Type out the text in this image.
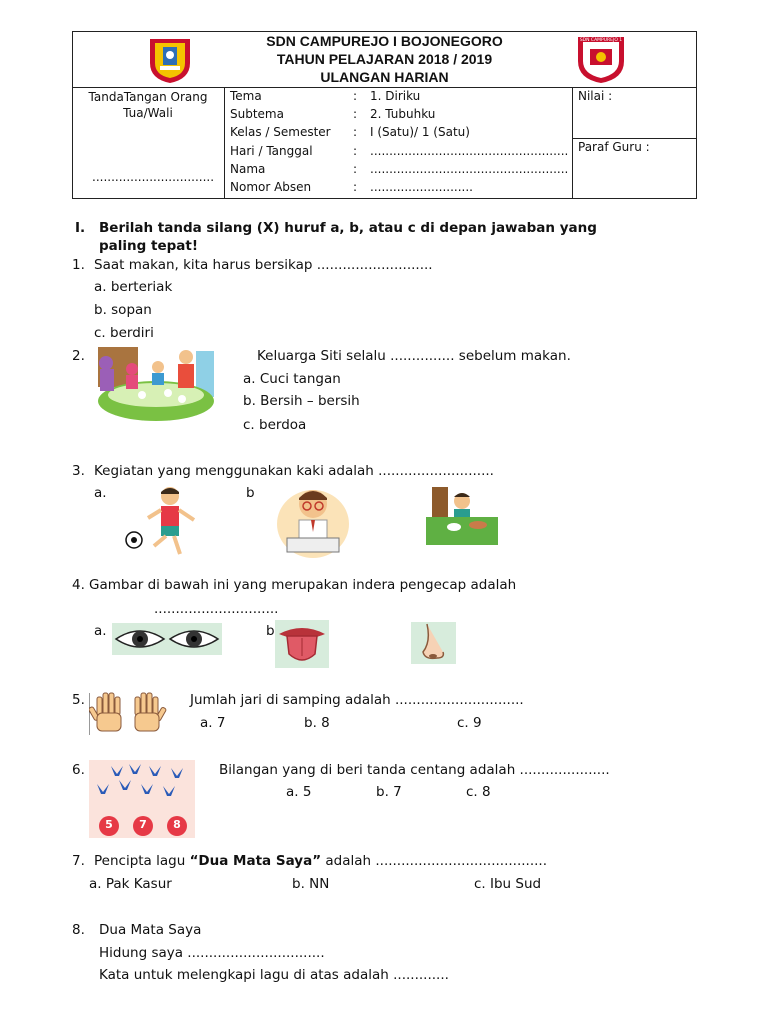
SDN CAMPUREJO I BOJONEGORO
TAHUN PELAJARAN 2018 / 2019
ULANGAN HARIAN
SDN CAMPUREJO 1
TandaTangan Orang Tua/Wali
................................
Tema	: 1. Diriku
Subtema	: 2. Tubuhku
Kelas / Semester : I (Satu)/ 1 (Satu)
Hari / Tanggal	: ....................................................
Nama	: ....................................................
Nomor Absen	: ...........................
Nilai :
Paraf Guru :
I. Berilah tanda silang (X) huruf a, b, atau c di depan jawaban yang
paling tepat!
1. Saat makan, kita harus bersikap ...........................
a. berteriak
b. sopan
c. berdiri
2.	Keluarga Siti selalu ............... sebelum makan.
a. Cuci tangan
b. Bersih – bersih
c. berdoa
3. Kegiatan yang menggunakan kaki adalah ...........................
a.	b
4. Gambar di bawah ini yang merupakan indera pengecap adalah
.............................
a.	b
5.	Jumlah jari di samping adalah ..............................
a. 7	b. 8	c. 9
6.
5	7	8
Bilangan yang di beri tanda centang adalah .....................
a. 5	b. 7	c. 8
7. Pencipta lagu “Dua Mata Saya” adalah ........................................
a. Pak Kasur	b. NN	c. Ibu Sud
8. Dua Mata Saya
Hidung saya ................................
Kata untuk melengkapi lagu di atas adalah .............
